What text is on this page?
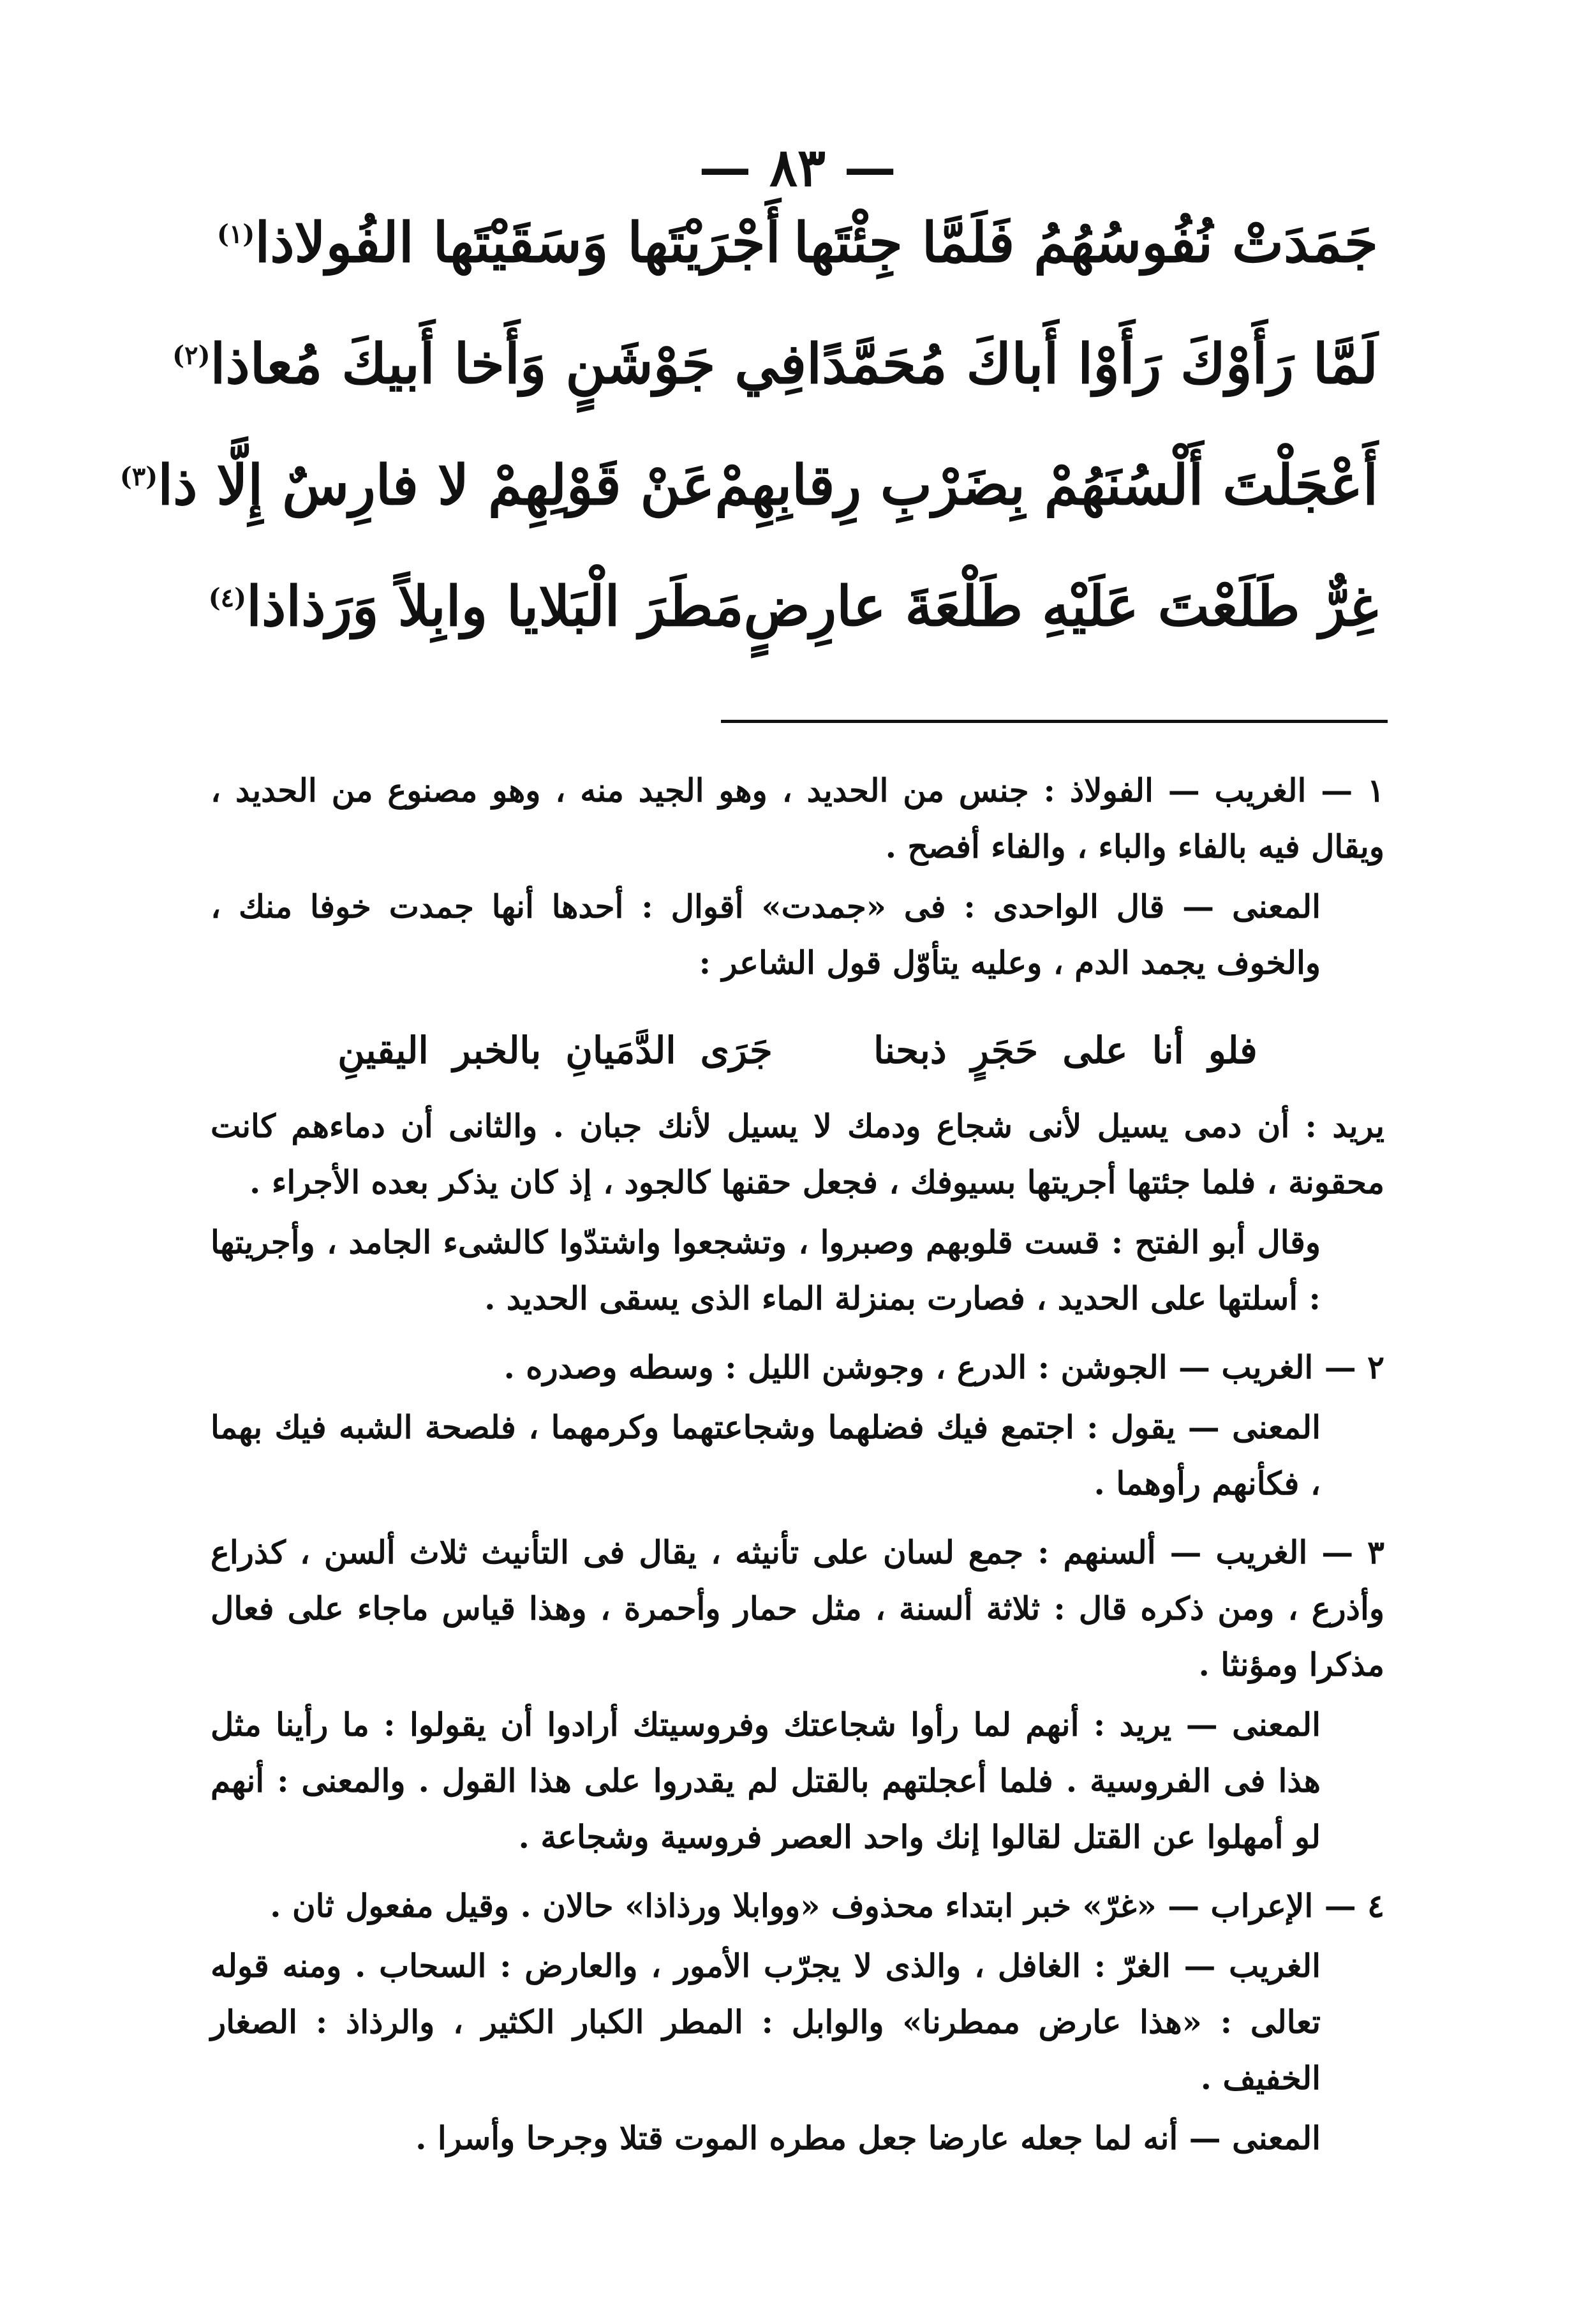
— ٨٣ —
جَمَدَتْ نُفُوسُهُمُ فَلَمَّا جِئْتَها
أَجْرَيْتَها وَسَقَيْتَها الفُولاذا$^{(١)}$
لَمَّا رَأَوْكَ رَأَوْا أَباكَ مُحَمَّدًا
فِي جَوْشَنٍ وَأَخا أَبيكَ مُعاذا$^{(٢)}$
أَعْجَلْتَ أَلْسُنَهُمْ بِضَرْبِ رِقابِهِمْ
عَنْ قَوْلِهِمْ لا فارِسٌ إِلَّا ذا$^{(٣)}$
غِرٌّ طَلَعْتَ عَلَيْهِ طَلْعَةَ عارِضٍ
مَطَرَ الْبَلايا وابِلاً وَرَذاذا$^{(٤)}$

١ — الغريب — الفولاذ : جنس من الحديد ، وهو الجيد منه ، وهو مصنوع من الحديد ، ويقال فيه بالفاء والباء ، والفاء أفصح .

المعنى — قال الواحدى : فى «جمدت» أقوال : أحدها أنها جمدت خوفا منك ، والخوف يجمد الدم ، وعليه يتأوّل قول الشاعر :

فلو أنا على حَجَرٍ ذبحنا جَرَى الدَّمَيانِ بالخبر اليقينِ

يريد : أن دمى يسيل لأنى شجاع ودمك لا يسيل لأنك جبان . والثانى أن دماءهم كانت محقونة ، فلما جئتها أجريتها بسيوفك ، فجعل حقنها كالجود ، إذ كان يذكر بعده الأجراء .

وقال أبو الفتح : قست قلوبهم وصبروا ، وتشجعوا واشتدّوا كالشىء الجامد ، وأجريتها : أسلتها على الحديد ، فصارت بمنزلة الماء الذى يسقى الحديد .

٢ — الغريب — الجوشن : الدرع ، وجوشن الليل : وسطه وصدره .

المعنى — يقول : اجتمع فيك فضلهما وشجاعتهما وكرمهما ، فلصحة الشبه فيك بهما ، فكأنهم رأوهما .

٣ — الغريب — ألسنهم : جمع لسان على تأنيثه ، يقال فى التأنيث ثلاث ألسن ، كذراع وأذرع ، ومن ذكره قال : ثلاثة ألسنة ، مثل حمار وأحمرة ، وهذا قياس ماجاء على فعال مذكرا ومؤنثا .

المعنى — يريد : أنهم لما رأوا شجاعتك وفروسيتك أرادوا أن يقولوا : ما رأينا مثل هذا فى الفروسية . فلما أعجلتهم بالقتل لم يقدروا على هذا القول . والمعنى : أنهم لو أمهلوا عن القتل لقالوا إنك واحد العصر فروسية وشجاعة .

٤ — الإعراب — «غرّ» خبر ابتداء محذوف «ووابلا ورذاذا» حالان . وقيل مفعول ثان .

الغريب — الغرّ : الغافل ، والذى لا يجرّب الأمور ، والعارض : السحاب . ومنه قوله تعالى : «هذا عارض ممطرنا» والوابل : المطر الكبار الكثير ، والرذاذ : الصغار الخفيف .

المعنى — أنه لما جعله عارضا جعل مطره الموت قتلا وجرحا وأسرا .
